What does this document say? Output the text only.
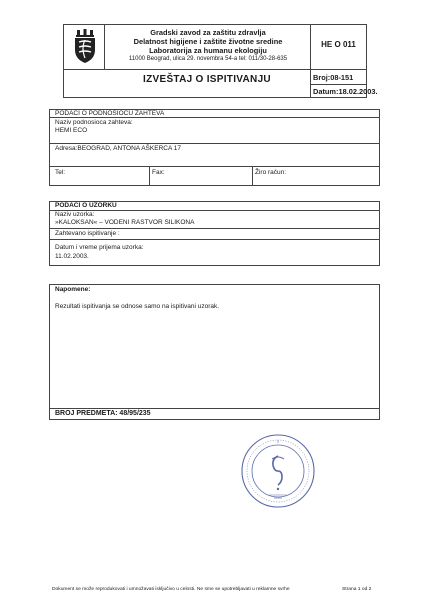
Gradski zavod za zaštitu zdravlja
Delatnost higijene i zaštite životne sredine
Laboratorija za humanu ekologiju
11000 Beograd, ulica 29. novembra 54-a tel: 011/30-28-635
HE O 011
IZVEŠTAJ O ISPITIVANJU	Broj:08-151
Datum:18.02.2003.
PODACI O PODNOSIOCU ZAHTEVA
Naziv podnosioca zahteva:
HEMI ECO
Adresa:BEOGRAD, ANTONA AŠKERCA 17
Tel:	Fax:	Žiro račun:
PODACI O UZORKU
Naziv uzorka:
»KALOKSAN« – VODENI RASTVOR SILIKONA
Zahtevano ispitivanje :
Datum i vreme prijema uzorka:
11.02.2003.
Napomene:
Rezultati ispitivanja se odnose samo na ispitivani uzorak.
BROJ PREDMETA: 48/95/235
Dokument se može reprodukovati i umnožavati isključivo u celosti. Ne sme se upotrebljavati u reklamne svrhe	Strana 1 od 2
